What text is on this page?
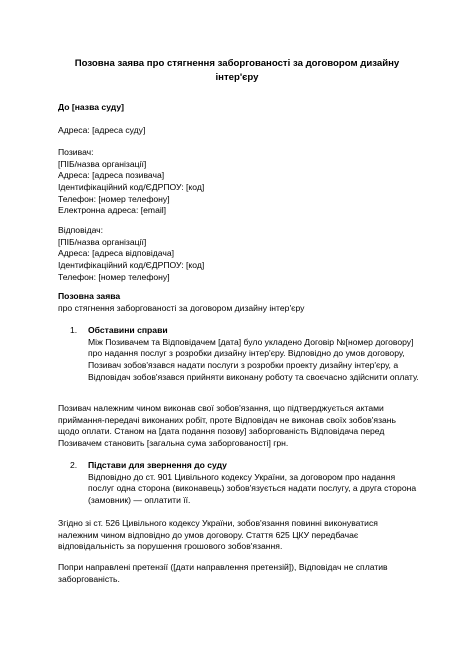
Позовна заява про стягнення заборгованості за договором дизайну інтер'єру
До [назва суду]
Адреса: [адреса суду]
Позивач:
[ПІБ/назва організації]
Адреса: [адреса позивача]
Ідентифікаційний код/ЄДРПОУ: [код]
Телефон: [номер телефону]
Електронна адреса: [email]
Відповідач:
[ПІБ/назва організації]
Адреса: [адреса відповідача]
Ідентифікаційний код/ЄДРПОУ: [код]
Телефон: [номер телефону]
Позовна заява
про стягнення заборгованості за договором дизайну інтер'єру
1. Обставини справи

Між Позивачем та Відповідачем [дата] було укладено Договір №[номер договору] про надання послуг з розробки дизайну інтер'єру. Відповідно до умов договору, Позивач зобов'язався надати послуги з розробки проекту дизайну інтер'єру, а Відповідач зобов'язався прийняти виконану роботу та своєчасно здійснити оплату.

Позивач належним чином виконав свої зобов'язання, що підтверджується актами приймання-передачі виконаних робіт, проте Відповідач не виконав своїх зобов'язань щодо оплати. Станом на [дата подання позову] заборгованість Відповідача перед Позивачем становить [загальна сума заборгованості] грн.

2. Підстави для звернення до суду

Відповідно до ст. 901 Цивільного кодексу України, за договором про надання послуг одна сторона (виконавець) зобов'язується надати послугу, а друга сторона (замовник) — оплатити її.

Згідно зі ст. 526 Цивільного кодексу України, зобов'язання повинні виконуватися належним чином відповідно до умов договору. Стаття 625 ЦКУ передбачає відповідальність за порушення грошового зобов'язання.

Попри направлені претензії ([дати направлення претензій]), Відповідач не сплатив заборгованість.
